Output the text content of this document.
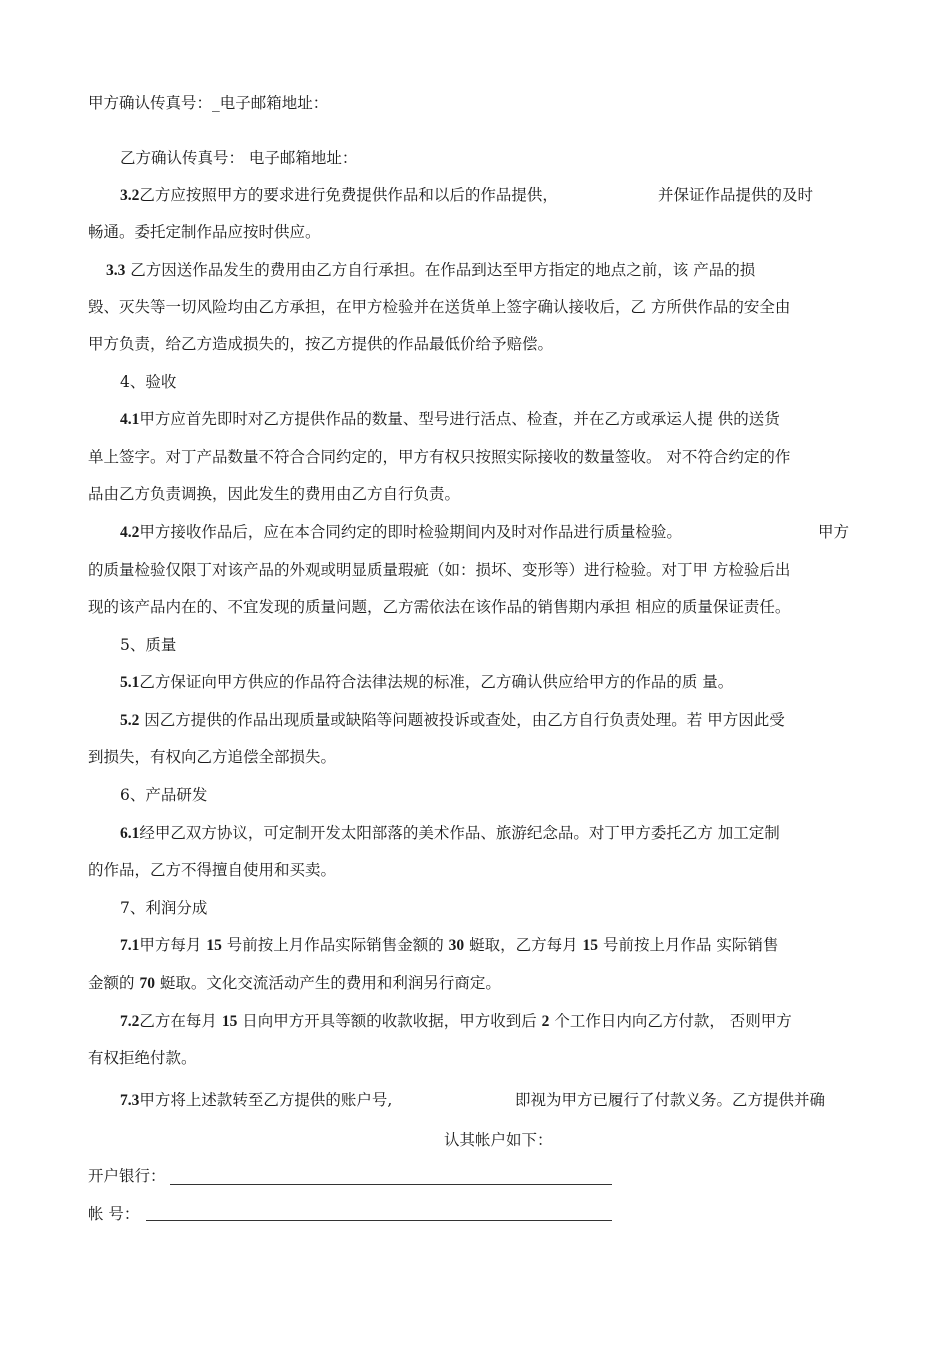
甲方确认传真号：_电子邮箱地址：
乙方确认传真号： 电子邮箱地址：
3.2乙方应按照甲方的要求进行免费提供作品和以后的作品提供，	并保证作品提供的及时
畅通。委托定制作品应按时供应。
3.3 乙方因送作品发生的费用由乙方自行承担。在作品到达至甲方指定的地点之前，该 产品的损
毁、灭失等一切风险均由乙方承担，在甲方检验并在送货单上签字确认接收后，乙 方所供作品的安全由
甲方负责，给乙方造成损失的，按乙方提供的作品最低价给予赔偿。
4、验收
4.1甲方应首先即时对乙方提供作品的数量、型号进行活点、检查，并在乙方或承运人提 供的送货
单上签字。对丁产品数量不符合合同约定的，甲方有权只按照实际接收的数量签收。 对不符合约定的作
品由乙方负责调换，因此发生的费用由乙方自行负责。
4.2甲方接收作品后，应在本合同约定的即时检验期间内及时对作品进行质量检验。	甲方
的质量检验仅限丁对该产品的外观或明显质量瑕疵（如：损坏、变形等）进行检验。对丁甲 方检验后出
现的该产品内在的、不宜发现的质量问题，乙方需依法在该作品的销售期内承担 相应的质量保证责任。
5、质量
5.1乙方保证向甲方供应的作品符合法律法规的标准，乙方确认供应给甲方的作品的质 量。
5.2 因乙方提供的作品出现质量或缺陷等问题被投诉或查处，由乙方自行负责处理。若 甲方因此受
到损失，有权向乙方追偿全部损失。
6、产品研发
6.1经甲乙双方协议，可定制开发太阳部落的美术作品、旅游纪念品。对丁甲方委托乙方 加工定制
的作品，乙方不得擅自使用和买卖。
7、利润分成
7.1甲方每月 15 号前按上月作品实际销售金额的 30 蜓取，乙方每月 15 号前按上月作品 实际销售
金额的 70 蜓取。文化交流活动产生的费用和利润另行商定。
7.2乙方在每月 15 日向甲方开具等额的收款收据，甲方收到后 2 个工作日内向乙方付款， 否则甲方
有权拒绝付款。
7.3甲方将上述款转至乙方提供的账户号,	即视为甲方已履行了付款义务。乙方提供并确
认其帐户如下：
开户银行：
帐 号：
